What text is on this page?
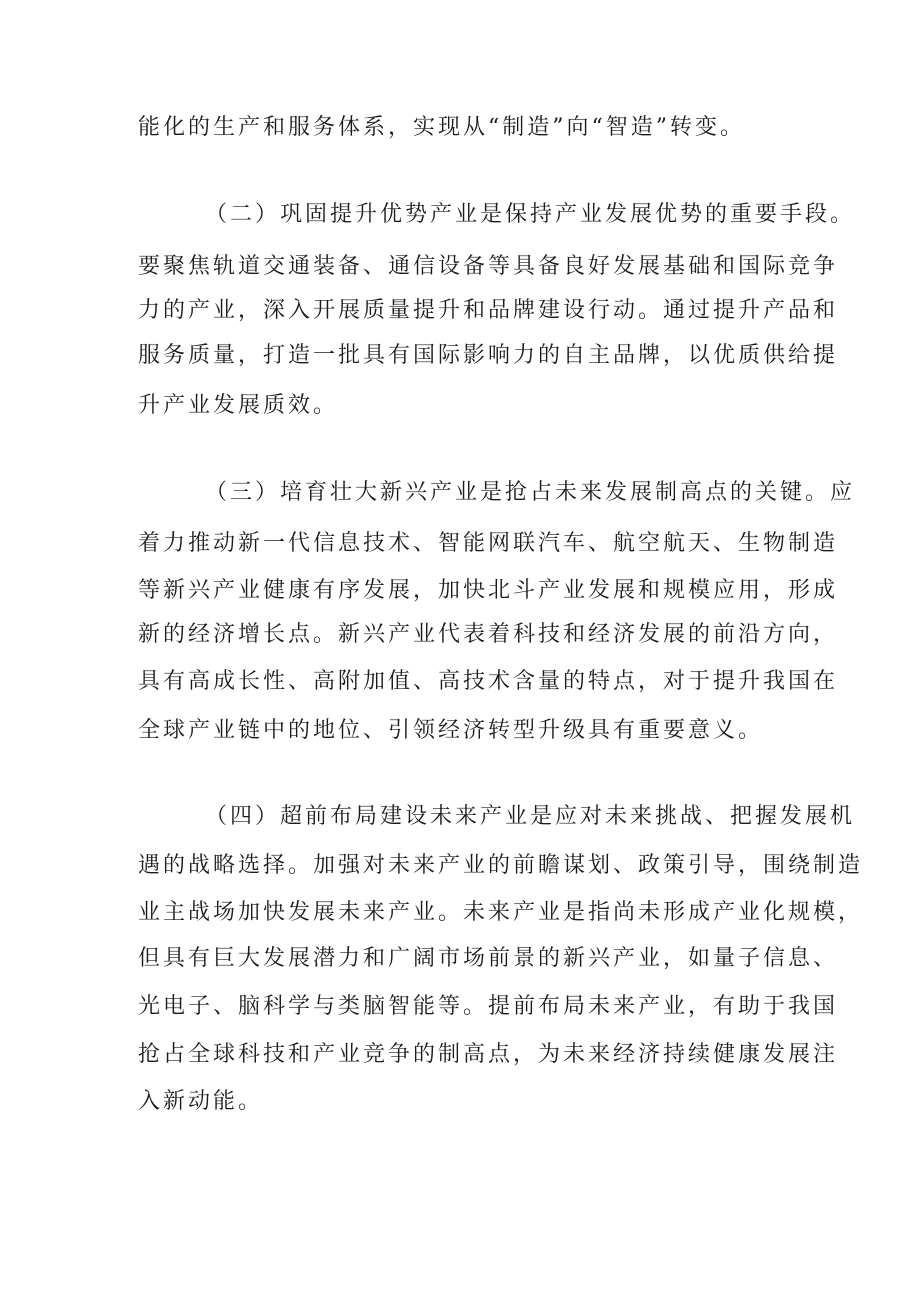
能化的生产和服务体系，实现从“制造”向“智造”转变。

（二）巩固提升优势产业是保持产业发展优势的重要手段。

要聚焦轨道交通装备、通信设备等具备良好发展基础和国际竞争

力的产业，深入开展质量提升和品牌建设行动。通过提升产品和

服务质量，打造一批具有国际影响力的自主品牌，以优质供给提

升产业发展质效。

（三）培育壮大新兴产业是抢占未来发展制高点的关键。应

着力推动新一代信息技术、智能网联汽车、航空航天、生物制造

等新兴产业健康有序发展，加快北斗产业发展和规模应用，形成

新的经济增长点。新兴产业代表着科技和经济发展的前沿方向，

具有高成长性、高附加值、高技术含量的特点，对于提升我国在

全球产业链中的地位、引领经济转型升级具有重要意义。

（四）超前布局建设未来产业是应对未来挑战、把握发展机

遇的战略选择。加强对未来产业的前瞻谋划、政策引导，围绕制造

业主战场加快发展未来产业。未来产业是指尚未形成产业化规模，

但具有巨大发展潜力和广阔市场前景的新兴产业，如量子信息、

光电子、脑科学与类脑智能等。提前布局未来产业，有助于我国

抢占全球科技和产业竞争的制高点，为未来经济持续健康发展注

入新动能。
